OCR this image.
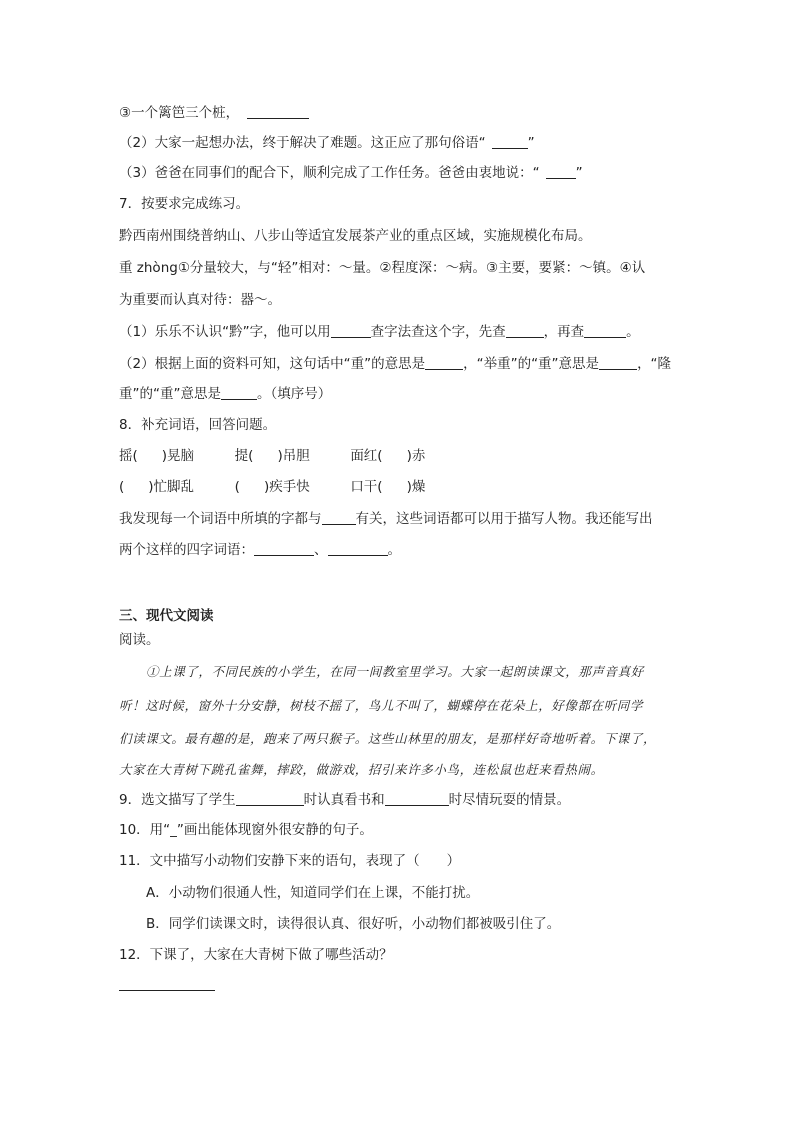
③一个篱笆三个桩，
（2）大家一起想办法，终于解决了难题。这正应了那句俗语“	”
（3）爸爸在同事们的配合下，顺利完成了工作任务。爸爸由衷地说：“	”
7．按要求完成练习。
黔西南州围绕普纳山、八步山等适宜发展茶产业的重点区域，实施规模化布局。
重 zhòng①分量较大，与“轻”相对：～量。②程度深：～病。③主要，要紧：～镇。④认
为重要而认真对待：器～。
（1）乐乐不认识“黔”字，他可以用	查字法查这个字，先查	，再查	。
（2）根据上面的资料可知，这句话中“重”的意思是	，“举重”的“重”意思是	，“隆
重”的“重”意思是	。（填序号）
8．补充词语，回答问题。
摇( )晃脑	提( )吊胆	面红( )赤
( )忙脚乱	( )疾手快	口干( )燥
我发现每一个词语中所填的字都与	有关，这些词语都可以用于描写人物。我还能写出
两个这样的四字词语：	、	。
三、现代文阅读
阅读。
①上课了，不同民族的小学生，在同一间教室里学习。大家一起朗读课文，那声音真好
听！这时候，窗外十分安静，树枝不摇了，鸟儿不叫了，蝴蝶停在花朵上，好像都在听同学
们读课文。最有趣的是，跑来了两只猴子。这些山林里的朋友，是那样好奇地听着。下课了，
大家在大青树下跳孔雀舞，摔跤，做游戏，招引来许多小鸟，连松鼠也赶来看热闹。
9．选文描写了学生	时认真看书和	时尽情玩耍的情景。
10．用“_”画出能体现窗外很安静的句子。
11．文中描写小动物们安静下来的语句，表现了（　　）
A．小动物们很通人性，知道同学们在上课，不能打扰。
B．同学们读课文时，读得很认真、很好听，小动物们都被吸引住了。
12．下课了，大家在大青树下做了哪些活动？
